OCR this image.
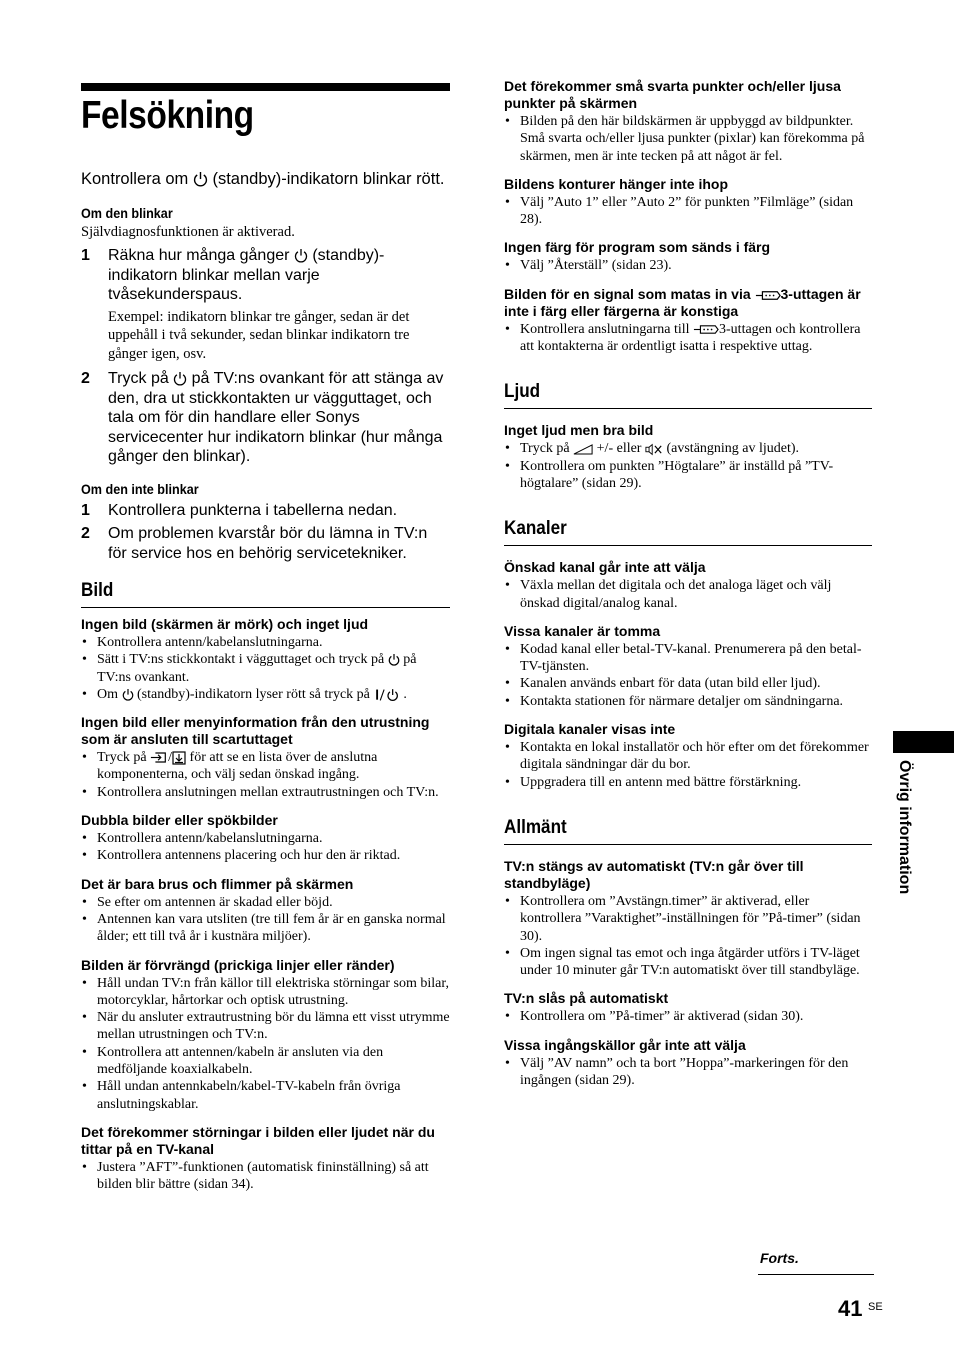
Felsökning

Kontrollera om  (standby)-indikatorn blinkar rött.

Om den blinkar

Självdiagnosfunktionen är aktiverad.

1	Räkna hur många gånger  (standby)-indikatorn blinkar mellan varje tvåsekunderspaus.
Exempel: indikatorn blinkar tre gånger, sedan är det uppehåll i två sekunder, sedan blinkar indikatorn tre gånger igen, osv.
2	Tryck på  på TV:ns ovankant för att stänga av den, dra ut stickkontakten ur vägguttaget, och tala om för din handlare eller Sonys servicecenter hur indikatorn blinkar (hur många gånger den blinkar).

Om den inte blinkar

1	Kontrollera punkterna i tabellerna nedan.
2	Om problemen kvarstår bör du lämna in TV:n för service hos en behörig servicetekniker.
Bild

Ingen bild (skärmen är mörk) och inget ljud

• Kontrollera antenn/kabelanslutningarna.
• Sätt i TV:ns stickkontakt i vägguttaget och tryck på  på TV:ns ovankant.
• Om  (standby)-indikatorn lyser rött så tryck på .

Ingen bild eller menyinformation från den utrustning som är ansluten till scartuttaget

• Tryck på / för att se en lista över de anslutna komponenterna, och välj sedan önskad ingång.
• Kontrollera anslutningen mellan extrautrustningen och TV:n.

Dubbla bilder eller spökbilder

• Kontrollera antenn/kabelanslutningarna.
• Kontrollera antennens placering och hur den är riktad.

Det är bara brus och flimmer på skärmen

• Se efter om antennen är skadad eller böjd.
• Antennen kan vara utsliten (tre till fem år är en ganska normal ålder; ett till två år i kustnära miljöer).

Bilden är förvrängd (prickiga linjer eller ränder)

• Håll undan TV:n från källor till elektriska störningar som bilar, motorcyklar, hårtorkar och optisk utrustning.
• När du ansluter extrautrustning bör du lämna ett visst utrymme mellan utrustningen och TV:n.
• Kontrollera att antennen/kabeln är ansluten via den medföljande koaxialkabeln.
• Håll undan antennkabeln/kabel-TV-kabeln från övriga anslutningskablar.

Det förekommer störningar i bilden eller ljudet när du tittar på en TV-kanal

• Justera ”AFT”-funktionen (automatisk fininställning) så att bilden blir bättre (sidan 34).

Det förekommer små svarta punkter och/eller ljusa punkter på skärmen

• Bilden på den här bildskärmen är uppbyggd av bildpunkter. Små svarta och/eller ljusa punkter (pixlar) kan förekomma på skärmen, men är inte tecken på att något är fel.

Bildens konturer hänger inte ihop

• Välj ”Auto 1” eller ”Auto 2” för punkten ”Filmläge” (sidan 28).

Ingen färg för program som sänds i färg

• Välj ”Återställ” (sidan 23).

Bilden för en signal som matas in via 3-uttagen är inte i färg eller färgerna är konstiga

• Kontrollera anslutningarna till 3-uttagen och kontrollera att kontakterna är ordentligt isatta i respektive uttag.
Ljud

Inget ljud men bra bild

• Tryck på  +/- eller  (avstängning av ljudet).
• Kontrollera om punkten ”Högtalare” är inställd på ”TV-högtalare” (sidan 29).
Kanaler

Önskad kanal går inte att välja

• Växla mellan det digitala och det analoga läget och välj önskad digital/analog kanal.

Vissa kanaler är tomma

• Kodad kanal eller betal-TV-kanal. Prenumerera på den betal-TV-tjänsten.
• Kanalen används enbart för data (utan bild eller ljud).
• Kontakta stationen för närmare detaljer om sändningarna.

Digitala kanaler visas inte

• Kontakta en lokal installatör och hör efter om det förekommer digitala sändningar där du bor.
• Uppgradera till en antenn med bättre förstärkning.
Allmänt

TV:n stängs av automatiskt (TV:n går över till standbyläge)

• Kontrollera om ”Avstängn.timer” är aktiverad, eller kontrollera ”Varaktighet”-inställningen för ”På-timer” (sidan 30).
• Om ingen signal tas emot och inga åtgärder utförs i TV-läget under 10 minuter går TV:n automatiskt över till standbyläge.

TV:n slås på automatiskt

• Kontrollera om ”På-timer” är aktiverad (sidan 30).

Vissa ingångskällor går inte att välja

• Välj ”AV namn” och ta bort ”Hoppa”-markeringen för den ingången (sidan 29).
Övrig information
Forts.
41 SE
